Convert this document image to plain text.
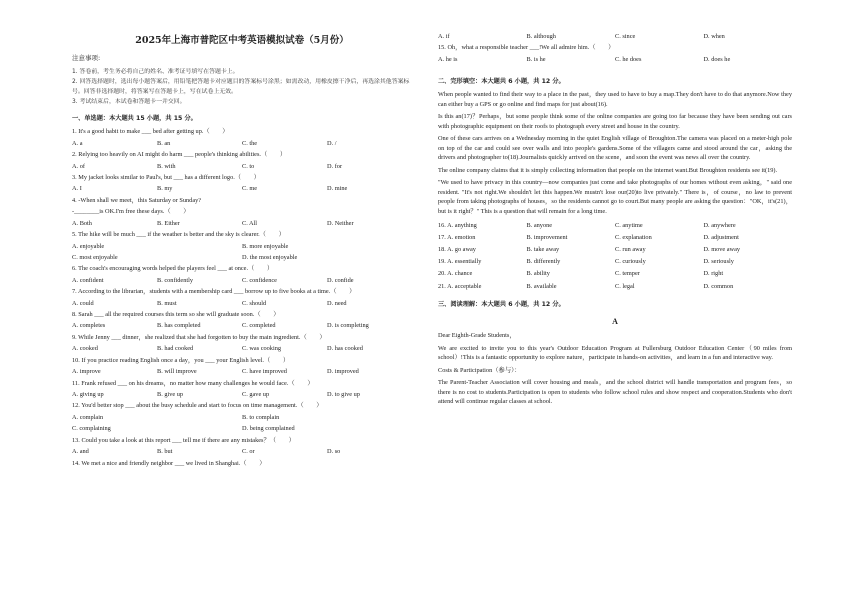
2025年上海市普陀区中考英语模拟试卷（5月份）
注意事项:
1. 答卷前，考生务必将自己的姓名、准考证号填写在答题卡上。
2. 回答选择题时，选出每小题答案后，用铅笔把答题卡对应题目的答案标号涂黑；如需改动，用橡皮擦干净后，再选涂其他答案标号。回答非选择题时，将答案写在答题卡上，写在试卷上无效。
3. 考试结束后，本试卷和答题卡一并交回。
一、单选题：本大题共 15 小题，共 15 分。
1. It's a good habit to make ___ bed after getting up.（　　）
A. a	B. an	C. the	D. /
2. Relying too heavily on AI might do harm ___ people's thinking abilities.（　　）
A. of	B. with	C. to	D. for
3. My jacket looks similar to Paul's, but ___ has a different logo.（　　）
A. I	B. my	C. me	D. mine
4. -When shall we meet，this Saturday or Sunday?
-________is OK.I'm free these days.（　　）
A. Both	B. Either	C. All	D. Neither
5. The hike will be much ___ if the weather is better and the sky is clearer.（　　）
A. enjoyable	B. more enjoyable
C. most enjoyable	D. the most enjoyable
6. The coach's encouraging words helped the players feel ___ at once.（　　）
A. confident	B. confidently	C. confidence	D. confide
7. According to the librarian，students with a membership card ___ borrow up to five books at a time.（　　）
A. could	B. must	C. should	D. need
8. Sarah ___ all the required courses this term so she will graduate soon.（　　）
A. completes	B. has completed	C. completed	D. is completing
9. While Jenny ___ dinner，she realized that she had forgotten to buy the main ingredient.（　　）
A. cooked	B. had cooked	C. was cooking	D. has cooked
10. If you practice reading English once a day，you ___ your English level.（　　）
A. improve	B. will improve	C. have improved	D. improved
11. Frank refused ___ on his dreams，no matter how many challenges he would face.（　　）
A. giving up	B. give up	C. gave up	D. to give up
12. You'd better stop ___ about the busy schedule and start to focus on time management.（　　）
A. complain	B. to complain
C. complaining	D. being complained
13. Could you take a look at this report ___ tell me if there are any mistakes？（　　）
A. and	B. but	C. or	D. so
14. We met a nice and friendly neighbor ___ we lived in Shanghai.（　　）
A. if	B. although	C. since	D. when
15. Oh，what a responsible teacher ___!We all admire him.（　　）
A. he is	B. is he	C. he does	D. does he
二、完形填空：本大题共 6 小题，共 12 分。
When people wanted to find their way to a place in the past，they used to have to buy a map.They don't have to do that anymore.Now they can either buy a GPS or go online and find maps for just about(16).
Is this an(17)？Perhaps，but some people think some of the online companies are going too far because they have been sending out cars with photographic equipment on their roofs to photograph every street and house in the country.
One of these cars arrives on a Wednesday morning in the quiet English village of Broughton.The camera was placed on a meter-high pole on top of the car and could see over walls and into people's gardens.Some of the villagers came and stood around the car，asking the drivers and photographer to(18).Journalists quickly arrived on the scene，and soon the event was news all over the country.
The online company claims that it is simply collecting information that people on the internet want.But Broughton residents see it(19).
"We used to have privacy in this country—now companies just come and take photographs of our homes without even asking，" said one resident. "It's not right.We shouldn't let this happen.We mustn't lose our(20)to live privately." There is，of course，no law to prevent people from taking photographs of houses，so the residents cannot go to court.But many people are asking the question："OK，it's(21)，but is it right？" This is a question that will remain for a long time.
16. A. anything	B. anyone	C. anytime	D. anywhere
17. A. emotion	B. improvement	C. explanation	D. adjustment
18. A. go away	B. take away	C. run away	D. move away
19. A. essentially	B. differently	C. curiously	D. seriously
20. A. chance	B. ability	C. temper	D. right
21. A. acceptable	B. available	C. legal	D. common
三、阅读理解：本大题共 6 小题，共 12 分。
A
Dear Eighth-Grade Students，
We are excited to invite you to this year's Outdoor Education Program at Fullersburg Outdoor Education Center（90 miles from school）!This is a fantastic opportunity to explore nature，participate in hands-on activities，and learn in a fun and interactive way.
Costs & Participation（参与）：
The Parent-Teacher Association will cover housing and meals，and the school district will handle transportation and program fees，so there is no cost to students.Participation is open to students who follow school rules and show respect and cooperation.Students who don't attend will continue regular classes at school.
